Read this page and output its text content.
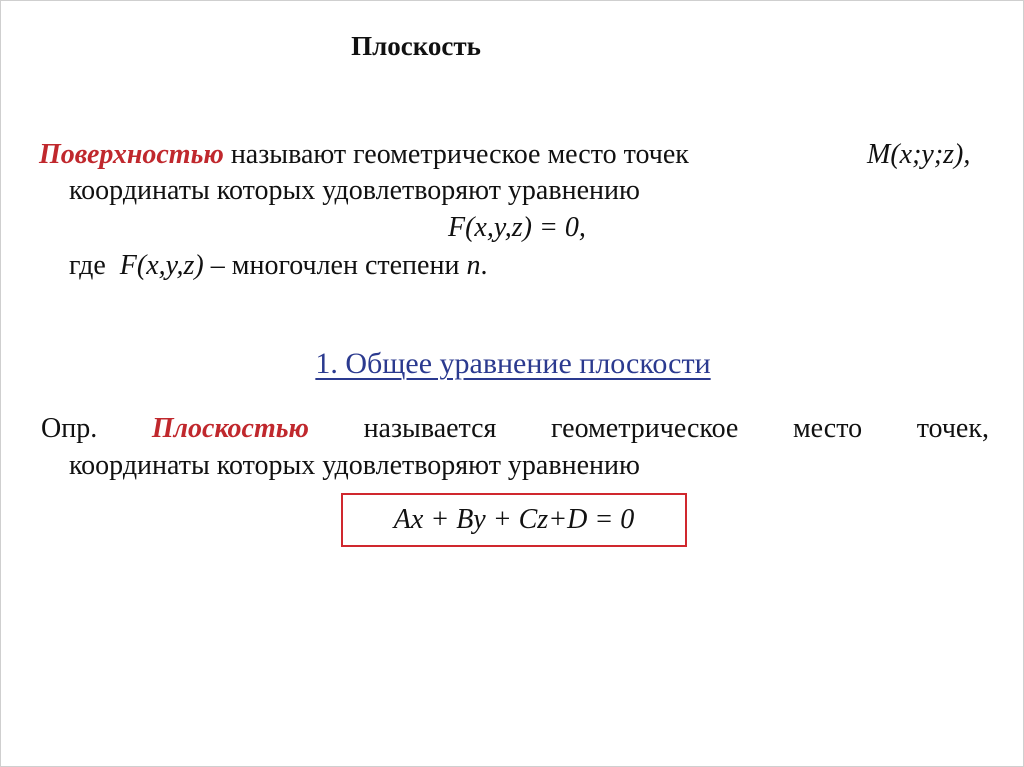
Плоскость
Поверхностью называют геометрическое место точек	M(x;y;z),
координаты которых удовлетворяют уравнению
F(x,y,z) = 0,
где F(x,y,z) – многочлен степени n.
1. Общее уравнение плоскости
Опр. Плоскостью называется геометрическое место точек,
координаты которых удовлетворяют уравнению
Ax + By + Cz+D = 0
